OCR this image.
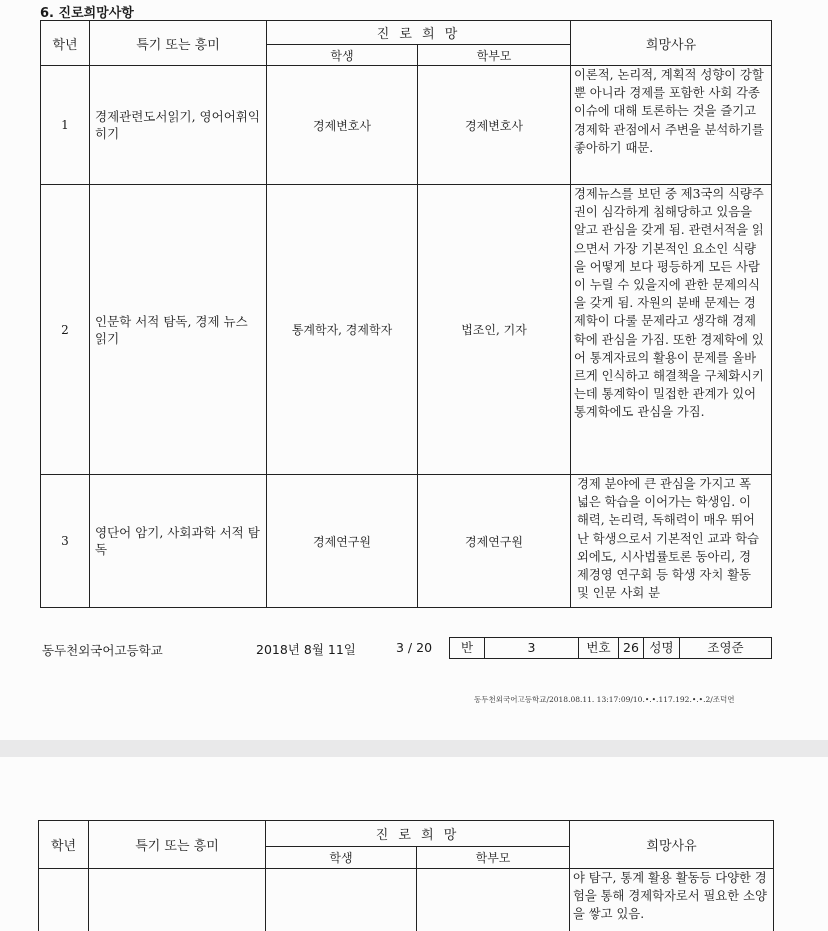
6. 진로희망사항
학년	특기 또는 흥미	진 로 희 망		희망사유
		학생	학부모	
1	경제관련도서읽기, 영어어휘익히기	경제변호사	경제변호사	이론적, 논리적, 계획적 성향이 강할 뿐 아니라 경제를 포함한 사회 각종 이슈에 대해 토론하는 것을 즐기고 경제학 관점에서 주변을 분석하기를 좋아하기 때문.
2	인문학 서적 탐독, 경제 뉴스 읽기	통계학자, 경제학자	법조인, 기자	경제뉴스를 보던 중 제3국의 식량주권이 심각하게 침해당하고 있음을 알고 관심을 갖게 됨. 관련서적을 읽으면서 가장 기본적인 요소인 식량을 어떻게 보다 평등하게 모든 사람이 누릴 수 있을지에 관한 문제의식을 갖게 됨. 자원의 분배 문제는 경제학이 다룰 문제라고 생각해 경제학에 관심을 가짐. 또한 경제학에 있어 통계자료의 활용이 문제를 올바르게 인식하고 해결책을 구체화시키는데 통계학이 밀접한 관계가 있어 통계학에도 관심을 가짐.
3	영단어 암기, 사회과학 서적 탐독	경제연구원	경제연구원	경제 분야에 큰 관심을 가지고 폭넓은 학습을 이어가는 학생임. 이해력, 논리력, 독해력이 매우 뛰어난 학생으로서 기본적인 교과 학습 외에도, 시사법률토론 동아리, 경제경영 연구회 등 학생 자치 활동 및 인문 사회 분
동두천외국어고등학교	2018년 8월 11일	3 / 20	반	3	번호 26 성명	조영준
동두천외국어고등학교/2018.08.11. 13:17:09/10.•.•.117.192.•.•.2/조덕연
학년	특기 또는 흥미	진 로 희 망		희망사유
		학생	학부모	
				야 탐구, 통계 활용 활동등 다양한 경험을 통해 경제학자로서 필요한 소양을 쌓고 있음.
